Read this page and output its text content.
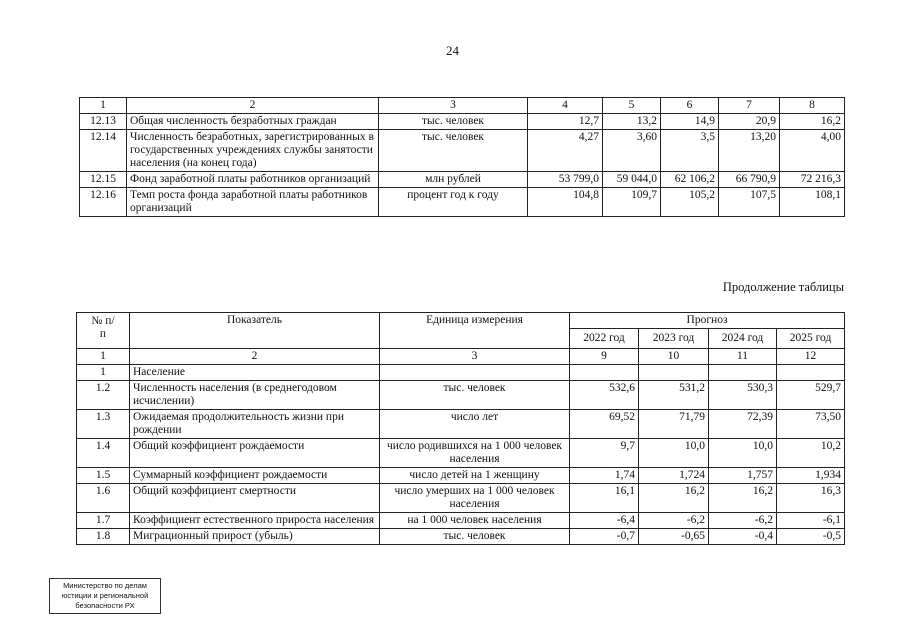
24
1	2	3	4	5	6	7	8
12.13	Общая численность безработных граждан	тыс. человек	12,7	13,2	14,9	20,9	16,2
12.14	Численность безработных, зарегистрированных в государственных учреждениях службы занятости населения (на конец года)	тыс. человек	4,27	3,60	3,5	13,20	4,00
12.15	Фонд заработной платы работников организаций	млн рублей	53 799,0	59 044,0	62 106,2	66 790,9	72 216,3
12.16	Темп роста фонда заработной платы работников организаций	процент год к году	104,8	109,7	105,2	107,5	108,1
Продолжение таблицы
№ п/п	Показатель	Единица измерения	Прогноз			
			2022 год	2023 год	2024 год	2025 год
1	2	3	9	10	11	12
1	Население					
1.2	Численность населения (в среднегодовом исчислении)	тыс. человек	532,6	531,2	530,3	529,7
1.3	Ожидаемая продолжительность жизни при рождении	число лет	69,52	71,79	72,39	73,50
1.4	Общий коэффициент рождаемости	число родившихся на 1 000 человек населения	9,7	10,0	10,0	10,2
1.5	Суммарный коэффициент рождаемости	число детей на 1 женщину	1,74	1,724	1,757	1,934
1.6	Общий коэффициент смертности	число умерших на 1 000 человек населения	16,1	16,2	16,2	16,3
1.7	Коэффициент естественного прироста населения	на 1 000 человек населения	-6,4	-6,2	-6,2	-6,1
1.8	Миграционный прирост (убыль)	тыс. человек	-0,7	-0,65	-0,4	-0,5
Министерство по делам
юстиции и региональной
безопасности РХ
